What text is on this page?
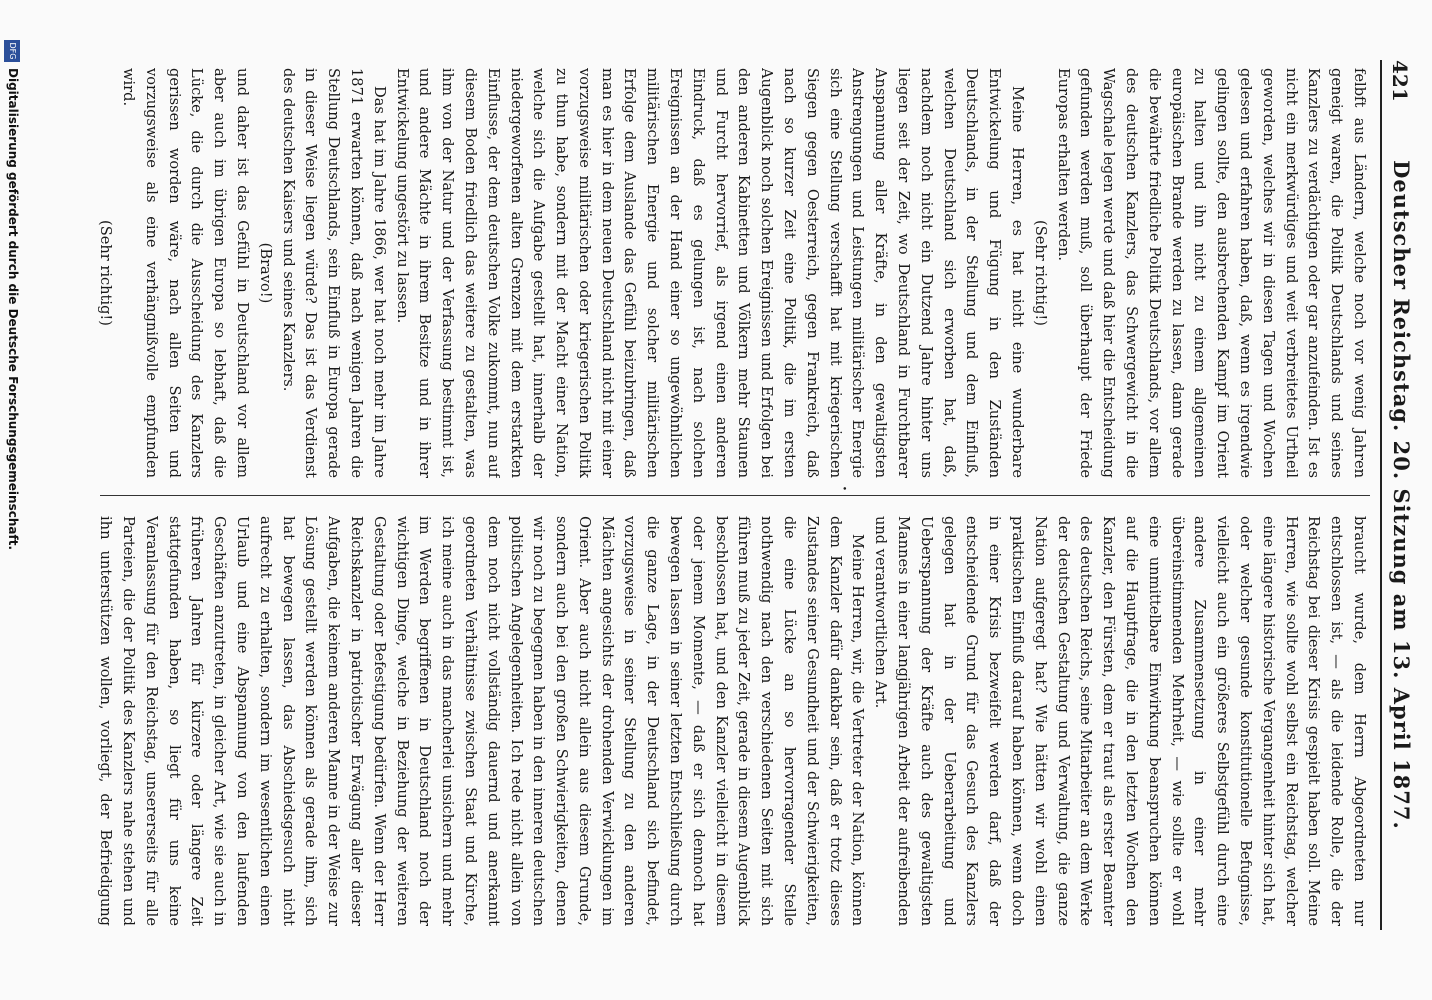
421
Deutscher Reichstag. 20. Sitzung am 13. April 1877.

felbft aus Ländern, welche noch vor wenig Jahren geneigt waren, die Politik Deutschlands und seines Kanzlers zu verdächtigen oder gar anzufeinden. Ist es nicht ein merkwürdiges und weit verbreitetes Urtheil geworden, welches wir in diesen Tagen und Wochen gelesen und erfahren haben, daß, wenn es irgendwie gelingen sollte, den ausbrechenden Kampf im Orient zu halten und ihn nicht zu einem allgemeinen europäischen Brande werden zu lassen, dann gerade die bewährte friedliche Politik Deutschlands, vor allem des deutschen Kanzlers, das Schwergewicht in die Wagschale legen werde und daß hier die Entscheidung gefunden werden muß, soll überhaupt der Friede Europas erhalten werden.

(Sehr richtig!)

Meine Herren, es hat nicht eine wunderbare Entwickelung und Fügung in den Zuständen Deutschlands, in der Stellung und dem Einfluß, welchen Deutschland sich erworben hat, daß, nachdem noch nicht ein Dutzend Jahre hinter uns liegen seit der Zeit, wo Deutschland in Furchtbarer Anspannung aller Kräfte, in den gewaltigsten Anstrengungen und Leistungen militärischer Energie sich eine Stellung verschafft hat mit kriegerischen Siegen gegen Oesterreich, gegen Frankreich, daß nach so kurzer Zeit eine Politik, die im ersten Augenblick noch solchen Ereignissen und Erfolgen bei den anderen Kabinetten und Völkern mehr Staunen und Furcht hervorrief, als irgend einen anderen Eindruck, daß es gelungen ist, nach solchen Ereignissen an der Hand einer so ungewöhnlichen militärischen Energie und solcher militärischen Erfolge dem Auslande das Gefühl beizubringen, daß man es hier in dem neuen Deutschland nicht mit einer vorzugsweise militärischen oder kriegerischen Politik zu thun habe, sondern mit der Macht einer Nation, welche sich die Aufgabe gestellt hat, innerhalb der niedergeworfenen alten Grenzen mit dem erstarkten Einflusse, der dem deutschen Volke zukommt, nun auf diesem Boden friedlich das weitere zu gestalten, was ihm von der Natur und der Verfassung bestimmt ist, und andere Mächte in ihrem Besitze und in ihrer Entwickelung ungestört zu lassen.

Das hat im Jahre 1866, wer hat noch mehr im Jahre 1871 erwarten können, daß nach wenigen Jahren die Stellung Deutschlands, sein Einfluß in Europa gerade in dieser Weise liegen würde? Das ist das Verdienst des deutschen Kaisers und seines Kanzlers.

(Bravo!)

und daher ist das Gefühl in Deutschland vor allem aber auch im übrigen Europa so lebhaft, daß die Lücke, die durch die Ausscheidung des Kanzlers gerissen worden wäre, nach allen Seiten und vorzugsweise als eine verhängnißvolle empfunden wird.

(Sehr richtig!)

·

braucht wurde, dem Herrn Abgeordneten nur entschlossen ist, — als die leidende Rolle, die der Reichstag bei dieser Krisis gespielt haben soll. Meine Herren, wie sollte wohl selbst ein Reichstag, welcher eine längere historische Vergangenheit hinter sich hat, oder welcher gesunde konstitutionelle Befugnisse, vielleicht auch ein größeres Selbstgefühl durch eine andere Zusammensetzung in einer mehr übereinstimmenden Mehrheit, — wie sollte er wohl eine unmittelbare Einwirkung beanspruchen können auf die Hauptfrage, die in den letzten Wochen den Kanzler, den Fürsten, dem er traut als erster Beamter des deutschen Reichs, seine Mitarbeiter an dem Werke der deutschen Gestaltung und Verwaltung, die ganze Nation aufgeregt hat? Wie hätten wir wohl einen praktischen Einfluß darauf haben können, wenn doch in einer Krisis bezweifelt werden darf, daß der entscheidende Grund für das Gesuch des Kanzlers gelegen hat in der Ueberarbeitung und Ueberspannung der Kräfte auch des gewaltigsten Mannes in einer langjährigen Arbeit der aufreibenden und verantwortlichen Art.

Meine Herren, wir, die Vertreter der Nation, können dem Kanzler dafür dankbar sein, daß er trotz dieses Zustandes seiner Gesundheit und der Schwierigkeiten, die eine Lücke an so hervorragender Stelle nothwendig nach den verschiedenen Seiten mit sich führen muß zu jeder Zeit, gerade in diesem Augenblick beschlossen hat, und den Kanzler vielleicht in diesem oder jenem Momente, — daß er sich dennoch hat bewegen lassen in seiner letzten Entschließung durch die ganze Lage, in der Deutschland sich befindet, vorzugsweise in seiner Stellung zu den anderen Mächten angesichts der drohenden Verwicklungen im Orient. Aber auch nicht allein aus diesem Grunde, sondern auch bei den großen Schwierigkeiten, denen wir noch zu begegnen haben in den inneren deutschen politischen Angelegenheiten. Ich rede nicht allein von dem noch nicht vollständig dauernd und anerkannt geordneten Verhältnisse zwischen Staat und Kirche, ich meine auch in das mancherlei unsichern und mehr im Werden begriffenen in Deutschland noch der wichtigen Dinge, welche in Beziehung der weiteren Gestaltung oder Befestigung bedürfen. Wenn der Herr Reichskanzler in patriotischer Erwägung aller dieser Aufgaben, die keinem anderen Manne in der Weise zur Lösung gestellt werden können als gerade ihm, sich hat bewegen lassen, das Abschiedsgesuch nicht aufrecht zu erhalten, sondern im wesentlichen einen Urlaub und eine Abspannung von den laufenden Geschäften anzutreten, in gleicher Art, wie sie auch in früheren Jahren für kürzere oder längere Zeit stattgefunden haben, so liegt für uns keine Veranlassung für den Reichstag, unsererseits für alle Parteien, die der Politik des Kanzlers nahe stehen und ihn unterstützen wollen, vorliegt, der Befriedigung

DFG
Digitalisierung gefördert durch die Deutsche Forschungsgemeinschaft.
